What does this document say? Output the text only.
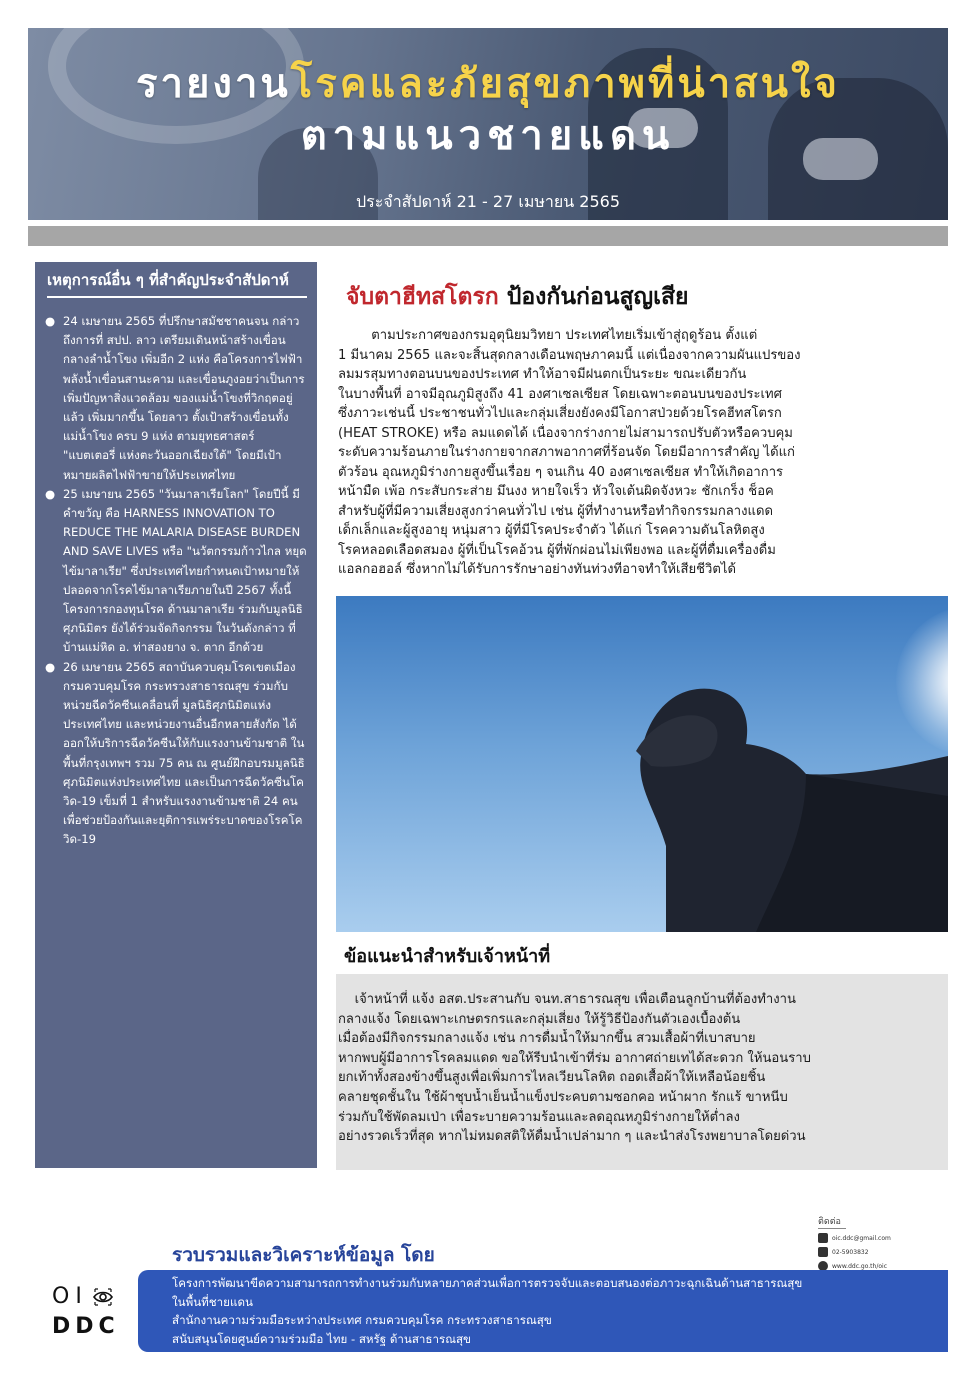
รายงานโรคและภัยสุขภาพที่น่าสนใจ
ตามแนวชายแดน
ประจำสัปดาห์ 21 - 27 เมษายน 2565
เหตุการณ์อื่น ๆ ที่สำคัญประจำสัปดาห์
● 24 เมษายน 2565 ที่ปรึกษาสมัชชาคนจน กล่าวถึงการที่ สปป. ลาว เตรียมเดินหน้าสร้างเขื่อนกลางลำน้ำโขง เพิ่มอีก 2 แห่ง คือโครงการไฟฟ้าพลังน้ำเขื่อนสานะคาม และเขื่อนภูงอยว่าเป็นการเพิ่มปัญหาสิ่งแวดล้อม ของแม่น้ำโขงที่วิกฤตอยู่แล้ว เพิ่มมากขึ้น โดยลาว ตั้งเป้าสร้างเขื่อนทั้งแม่น้ำโขง ครบ 9 แห่ง ตามยุทธศาสตร์ "แบตเตอรี่ แห่งตะวันออกเฉียงใต้" โดยมีเป้าหมายผลิตไฟฟ้าขายให้ประเทศไทย
● 25 เมษายน 2565 "วันมาลาเรียโลก" โดยปีนี้ มีคำขวัญ คือ HARNESS INNOVATION TO REDUCE THE MALARIA DISEASE BURDEN AND SAVE LIVES หรือ "นวัตกรรมก้าวไกล หยุดไข้มาลาเรีย" ซึ่งประเทศไทยกำหนดเป้าหมายให้ปลอดจากโรคไข้มาลาเรียภายในปี 2567 ทั้งนี้ โครงการกองทุนโรค ด้านมาลาเรีย ร่วมกับมูลนิธิศุภนิมิตร ยังได้ร่วมจัดกิจกรรม ในวันดังกล่าว ที่บ้านแม่หิด อ. ท่าสองยาง จ. ตาก อีกด้วย
● 26 เมษายน 2565 สถาบันควบคุมโรคเขตเมือง กรมควบคุมโรค กระทรวงสาธารณสุข ร่วมกับหน่วยฉีดวัคซีนเคลื่อนที่ มูลนิธิศุภนิมิตแห่งประเทศไทย และหน่วยงานอื่นอีกหลายสังกัด ได้ออกให้บริการฉีดวัคซีนให้กับแรงงานข้ามชาติ ในพื้นที่กรุงเทพฯ รวม 75 คน ณ ศูนย์ฝึกอบรมมูลนิธิศุภนิมิตแห่งประเทศไทย และเป็นการฉีดวัคซีนโควิด-19 เข็มที่ 1 สำหรับแรงงานข้ามชาติ 24 คน เพื่อช่วยป้องกันและยุติการแพร่ระบาดของโรคโควิด-19
จับตาฮีทสโตรก ป้องกันก่อนสูญเสีย
ตามประกาศของกรมอุตุนิยมวิทยา ประเทศไทยเริ่มเข้าสู่ฤดูร้อน ตั้งแต่
1 มีนาคม 2565 และจะสิ้นสุดกลางเดือนพฤษภาคมนี้ แต่เนื่องจากความผันแปรของ
ลมมรสุมทางตอนบนของประเทศ ทำให้อาจมีฝนตกเป็นระยะ ขณะเดียวกัน
ในบางพื้นที่ อาจมีอุณภูมิสูงถึง 41 องศาเซลเซียส โดยเฉพาะตอนบนของประเทศ
ซึ่งภาวะเช่นนี้ ประชาชนทั่วไปและกลุ่มเสี่ยงยังคงมีโอกาสป่วยด้วยโรคฮีทสโตรก
(HEAT STROKE) หรือ ลมแดดได้ เนื่องจากร่างกายไม่สามารถปรับตัวหรือควบคุม
ระดับความร้อนภายในร่างกายจากสภาพอากาศที่ร้อนจัด โดยมีอาการสำคัญ ได้แก่
ตัวร้อน อุณหภูมิร่างกายสูงขึ้นเรื่อย ๆ จนเกิน 40 องศาเซลเซียส ทำให้เกิดอาการ
หน้ามืด เพ้อ กระสับกระส่าย มึนงง หายใจเร็ว หัวใจเต้นผิดจังหวะ ชักเกร็ง ช็อค
สำหรับผู้ที่มีความเสี่ยงสูงกว่าคนทั่วไป เช่น ผู้ที่ทำงานหรือทำกิจกรรมกลางแดด
เด็กเล็กและผู้สูงอายุ หนุ่มสาว ผู้ที่มีโรคประจำตัว ได้แก่ โรคความดันโลหิตสูง
โรคหลอดเลือดสมอง ผู้ที่เป็นโรคอ้วน ผู้ที่พักผ่อนไม่เพียงพอ และผู้ที่ดื่มเครื่องดื่ม
แอลกอฮอล์ ซึ่งหากไม่ได้รับการรักษาอย่างทันท่วงทีอาจทำให้เสียชีวิตได้
ข้อแนะนำสำหรับเจ้าหน้าที่
เจ้าหน้าที่ แจ้ง อสต.ประสานกับ จนท.สาธารณสุข เพื่อเตือนลูกบ้านที่ต้องทำงาน
กลางแจ้ง โดยเฉพาะเกษตรกรและกลุ่มเสี่ยง ให้รู้วิธีป้องกันตัวเองเบื้องต้น
เมื่อต้องมีกิจกรรมกลางแจ้ง เช่น การดื่มน้ำให้มากขึ้น สวมเสื้อผ้าที่เบาสบาย
หากพบผู้มีอาการโรคลมแดด ขอให้รีบนำเข้าที่ร่ม อากาศถ่ายเทได้สะดวก ให้นอนราบ
ยกเท้าทั้งสองข้างขึ้นสูงเพื่อเพิ่มการไหลเวียนโลหิต ถอดเสื้อผ้าให้เหลือน้อยชิ้น
คลายชุดชั้นใน ใช้ผ้าชุบน้ำเย็นน้ำแข็งประคบตามซอกคอ หน้าผาก รักแร้ ขาหนีบ
ร่วมกับใช้พัดลมเป่า เพื่อระบายความร้อนและลดอุณหภูมิร่างกายให้ต่ำลง
อย่างรวดเร็วที่สุด หากไม่หมดสติให้ดื่มน้ำเปล่ามาก ๆ และนำส่งโรงพยาบาลโดยด่วน
ติดต่อ
oic.ddc@gmail.com
02-5903832
www.ddc.go.th/oic
รวบรวมและวิเคราะห์ข้อมูล โดย
โครงการพัฒนาขีดความสามารถการทำงานร่วมกับหลายภาคส่วนเพื่อการตรวจจับและตอบสนองต่อภาวะฉุกเฉินด้านสาธารณสุข
ในพื้นที่ชายแดน
สำนักงานความร่วมมือระหว่างประเทศ กรมควบคุมโรค กระทรวงสาธารณสุข
สนับสนุนโดยศูนย์ความร่วมมือ ไทย - สหรัฐ ด้านสาธารณสุข
OI
DDC
